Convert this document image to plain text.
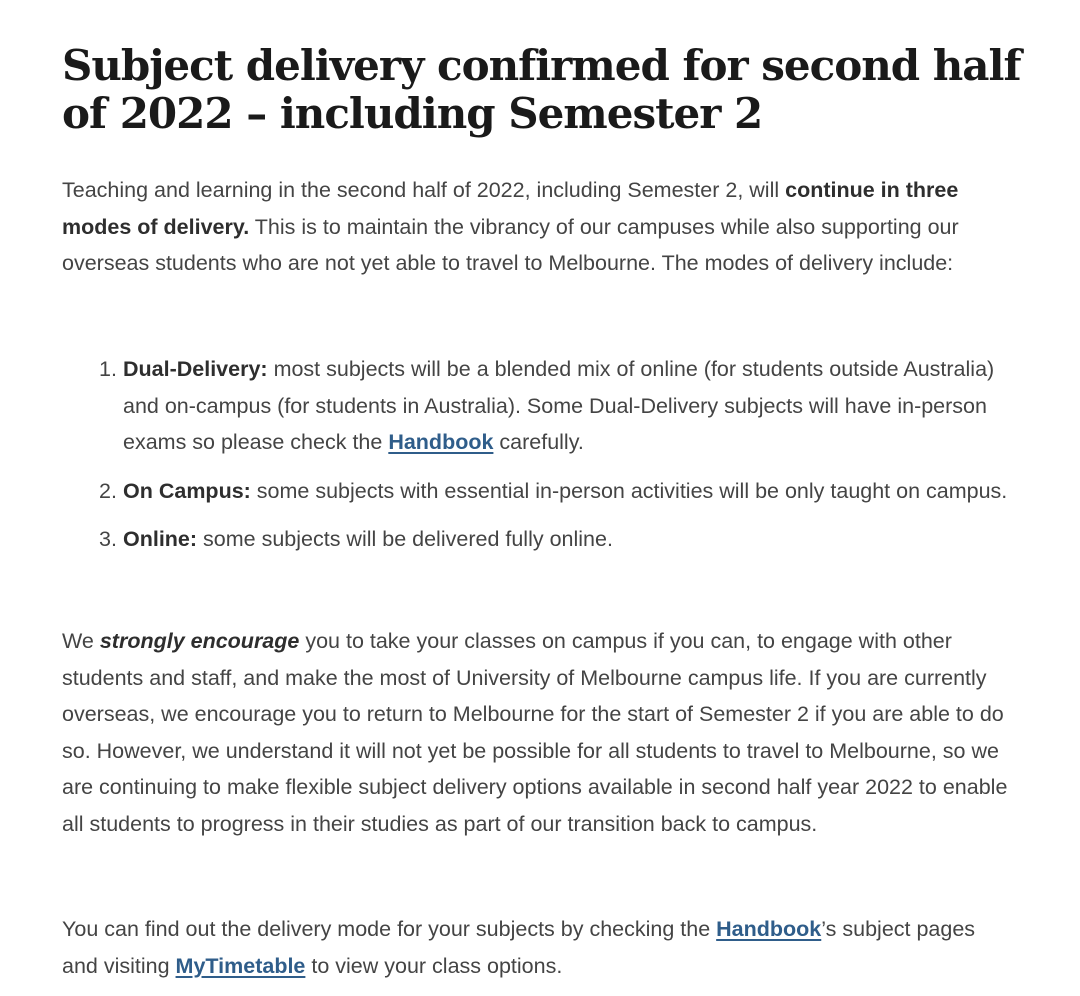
Subject delivery confirmed for second half of 2022 – including Semester 2

Teaching and learning in the second half of 2022, including Semester 2, will continue in three modes of delivery. This is to maintain the vibrancy of our campuses while also supporting our overseas students who are not yet able to travel to Melbourne. The modes of delivery include:

1. Dual-Delivery: most subjects will be a blended mix of online (for students outside Australia) and on-campus (for students in Australia). Some Dual-Delivery subjects will have in-person exams so please check the Handbook carefully.
2. On Campus: some subjects with essential in-person activities will be only taught on campus.
3. Online: some subjects will be delivered fully online.

We strongly encourage you to take your classes on campus if you can, to engage with other students and staff, and make the most of University of Melbourne campus life. If you are currently overseas, we encourage you to return to Melbourne for the start of Semester 2 if you are able to do so. However, we understand it will not yet be possible for all students to travel to Melbourne, so we are continuing to make flexible subject delivery options available in second half year 2022 to enable all students to progress in their studies as part of our transition back to campus.

You can find out the delivery mode for your subjects by checking the Handbook’s subject pages and visiting MyTimetable to view your class options.
